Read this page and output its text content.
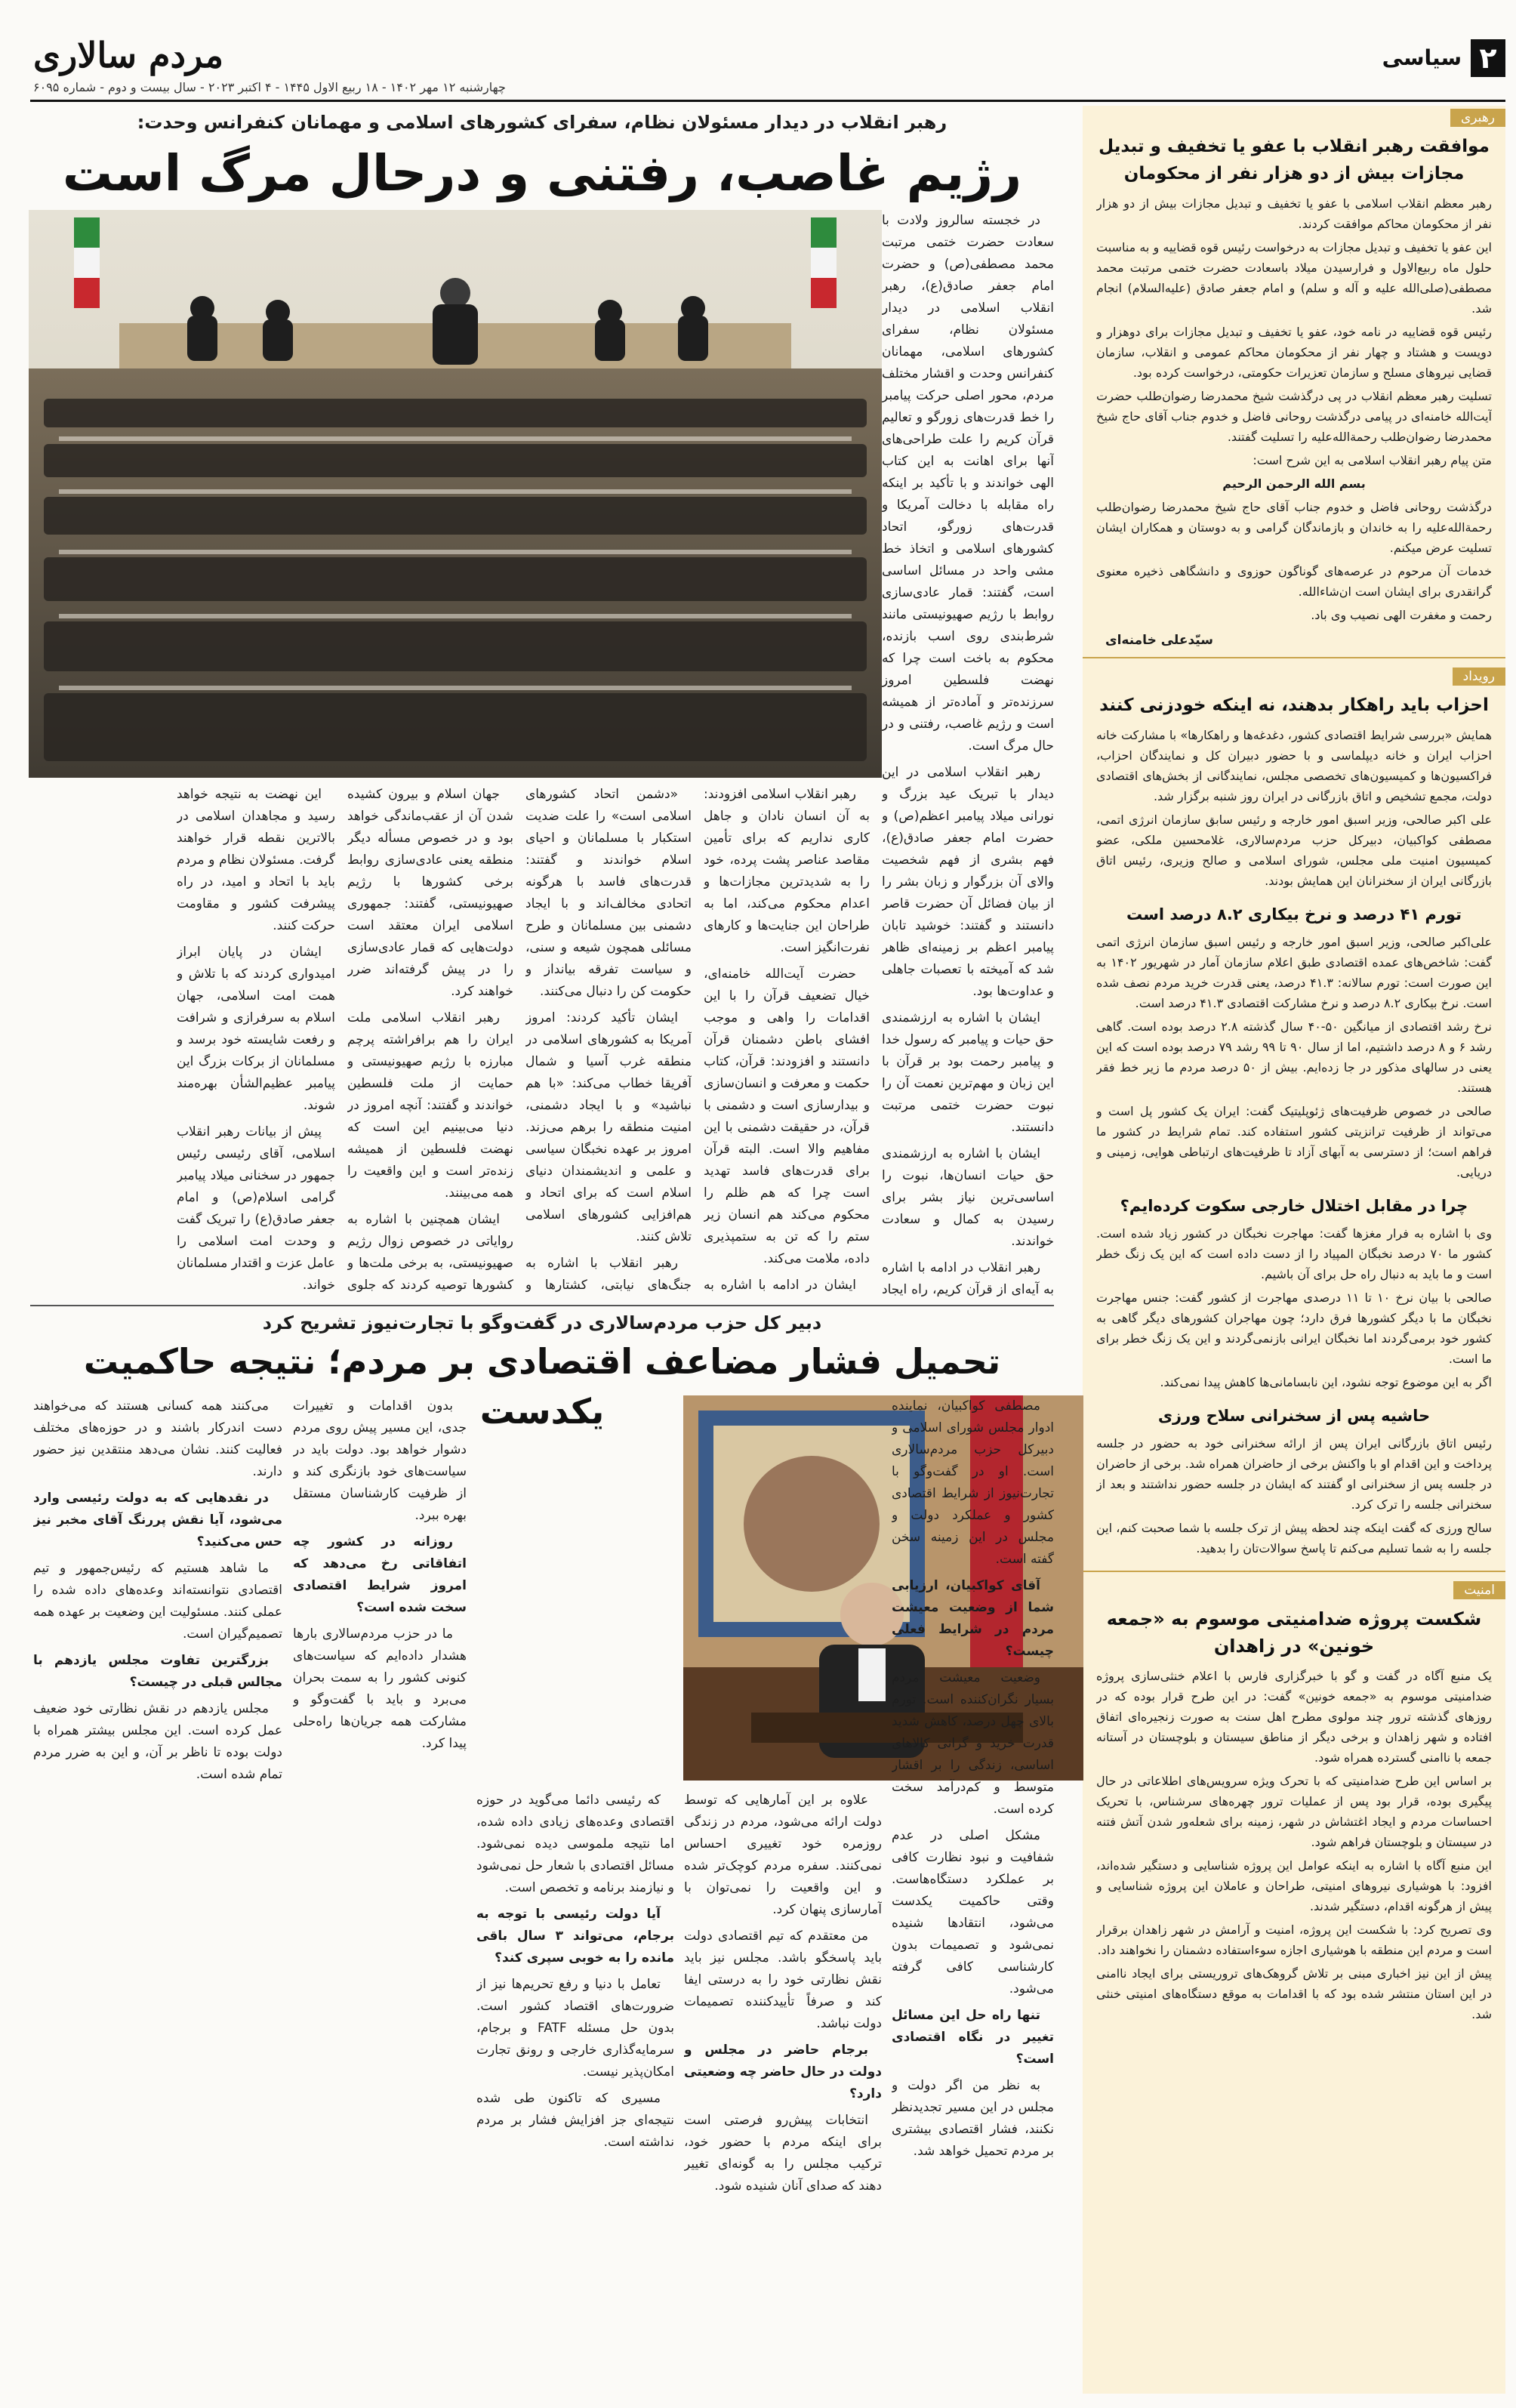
۲
سیاسی
مردم سالاری
چهارشنبه ۱۲ مهر ۱۴۰۲ - ۱۸ ربیع الاول ۱۴۴۵ - ۴ اکتبر ۲۰۲۳ - سال بیست و دوم - شماره ۶۰۹۵
رهبری
موافقت رهبر انقلاب با عفو یا تخفیف و تبدیل مجازات بیش از دو هزار نفر از محکومان

رهبر معظم انقلاب اسلامی با عفو یا تخفیف و تبدیل مجازات بیش از دو هزار نفر از محکومان محاکم موافقت کردند.

این عفو یا تخفیف و تبدیل مجازات به درخواست رئیس قوه قضاییه و به مناسبت حلول ماه ربیع‌الاول و فرارسیدن میلاد باسعادت حضرت ختمی مرتبت محمد مصطفی(صلی‌الله علیه و آله و سلم) و امام جعفر صادق (علیه‌السلام) انجام شد.

رئیس قوه قضاییه در نامه خود، عفو یا تخفیف و تبدیل مجازات برای دوهزار و دویست و هشتاد و چهار نفر از محکومان محاکم عمومی و انقلاب، سازمان قضایی نیروهای مسلح و سازمان تعزیرات حکومتی، درخواست کرده بود.

تسلیت رهبر معظم انقلاب در پی درگذشت شیخ محمدرضا رضوان‌طلب حضرت آیت‌الله خامنه‌ای در پیامی درگذشت روحانی فاضل و خدوم جناب آقای حاج شیخ محمدرضا رضوان‌طلب رحمة‌الله‌علیه را تسلیت گفتند.

متن پیام رهبر انقلاب اسلامی به این شرح است:

بسم الله الرحمن الرحیم

درگذشت روحانی فاضل و خدوم جناب آقای حاج شیخ محمدرضا رضوان‌طلب رحمة‌الله‌علیه را به خاندان و بازماندگان گرامی و به دوستان و همکاران ایشان تسلیت عرض میکنم.

خدمات آن مرحوم در عرصه‌های گوناگون حوزوی و دانشگاهی ذخیره معنوی گرانقدری برای ایشان است ان‌شاءالله.

رحمت و مغفرت الهی نصیب وی باد.

سیّدعلی خامنه‌ای
رویداد
احزاب باید راهکار بدهند، نه اینکه خودزنی کنند

همایش «بررسی شرایط اقتصادی کشور، دغدغه‌ها و راهکارها» با مشارکت خانه احزاب ایران و خانه دیپلماسی و با حضور دبیران کل و نمایندگان احزاب، فراکسیون‌ها و کمیسیون‌های تخصصی مجلس، نمایندگانی از بخش‌های اقتصادی دولت، مجمع تشخیص و اتاق بازرگانی در ایران روز شنبه برگزار شد.

علی اکبر صالحی، وزیر اسبق امور خارجه و رئیس سابق سازمان انرژی اتمی، مصطفی کواکبیان، دبیرکل حزب مردم‌سالاری، غلامحسین ملکی، عضو کمیسیون امنیت ملی مجلس، شورای اسلامی و صالح وزیری، رئیس اتاق بازرگانی ایران از سخنرانان این همایش بودند.

تورم ۴۱ درصد و نرخ بیکاری ۸.۲ درصد است

علی‌اکبر صالحی، وزیر اسبق امور خارجه و رئیس اسبق سازمان انرژی اتمی گفت: شاخص‌های عمده اقتصادی طبق اعلام سازمان آمار در شهریور ۱۴۰۲ به این صورت است: تورم سالانه: ۴۱.۳ درصد، یعنی قدرت خرید مردم نصف شده است. نرخ بیکاری ۸.۲ درصد و نرخ مشارکت اقتصادی ۴۱.۳ درصد است.

نرخ رشد اقتصادی از میانگین ۵۰-۴۰ سال گذشته ۲.۸ درصد بوده است. گاهی رشد ۶ و ۸ درصد داشتیم، اما از سال ۹۰ تا ۹۹ رشد ۷۹ درصد بوده است که این یعنی در سالهای مذکور در جا زده‌ایم. بیش از ۵۰ درصد مردم ما زیر خط فقر هستند.

صالحی در خصوص ظرفیت‌های ژئوپلیتیک گفت: ایران یک کشور پل است و می‌تواند از ظرفیت ترانزیتی کشور استفاده کند. تمام شرایط در کشور ما فراهم است؛ از دسترسی به آبهای آزاد تا ظرفیت‌های ارتباطی هوایی، زمینی و دریایی.

چرا در مقابل اختلال خارجی سکوت کرده‌ایم؟

وی با اشاره به فرار مغزها گفت: مهاجرت نخبگان در کشور زیاد شده است. کشور ما ۷۰ درصد نخبگان المپیاد را از دست داده است که این یک زنگ خطر است و ما باید به دنبال راه حل برای آن باشیم.

صالحی با بیان نرخ ۱۰ تا ۱۱ درصدی مهاجرت از کشور گفت: جنس مهاجرت نخبگان ما با دیگر کشورها فرق دارد؛ چون مهاجران کشورهای دیگر گاهی به کشور خود برمی‌گردند اما نخبگان ایرانی بازنمی‌گردند و این یک زنگ خطر برای ما است.

اگر به این موضوع توجه نشود، این نابسامانی‌ها کاهش پیدا نمی‌کند.

حاشیه پس از سخنرانی سلاح ورزی

رئیس اتاق بازرگانی ایران پس از ارائه سخنرانی خود به حضور در جلسه پرداخت و این اقدام او با واکنش برخی از حاضران همراه شد. برخی از حاضران در جلسه پس از سخنرانی او گفتند که ایشان در جلسه حضور نداشتند و بعد از سخنرانی جلسه را ترک کرد.

سالح ورزی که گفت اینکه چند لحظه پیش از ترک جلسه با شما صحبت کنم، این جلسه را به شما تسلیم می‌کنم تا پاسخ سوالات‌تان را بدهید.

امنیت
شکست پروژه ضدامنیتی موسوم به «جمعه خونین» در زاهدان

یک منبع آگاه در گفت و گو با خبرگزاری فارس با اعلام خنثی‌سازی پروژه ضدامنیتی موسوم به «جمعه خونین» گفت: در این طرح قرار بوده که در روزهای گذشته ترور چند مولوی مطرح اهل سنت به صورت زنجیره‌ای اتفاق افتاده و شهر زاهدان و برخی دیگر از مناطق سیستان و بلوچستان در آستانه جمعه با ناامنی گسترده همراه شود.

بر اساس این طرح ضدامنیتی که با تحرک ویژه سرویس‌های اطلاعاتی در حال پیگیری بوده، قرار بود پس از عملیات ترور چهره‌های سرشناس، با تحریک احساسات مردم و ایجاد اغتشاش در شهر، زمینه برای شعله‌ور شدن آتش فتنه در سیستان و بلوچستان فراهم شود.

این منبع آگاه با اشاره به اینکه عوامل این پروژه شناسایی و دستگیر شده‌اند، افزود: با هوشیاری نیروهای امنیتی، طراحان و عاملان این پروژه شناسایی و پیش از هرگونه اقدام، دستگیر شدند.

وی تصریح کرد: با شکست این پروژه، امنیت و آرامش در شهر زاهدان برقرار است و مردم این منطقه با هوشیاری اجازه سوءاستفاده دشمنان را نخواهند داد.

پیش از این نیز اخباری مبنی بر تلاش گروهک‌های تروریستی برای ایجاد ناامنی در این استان منتشر شده بود که با اقدامات به موقع دستگاه‌های امنیتی خنثی شد.

رهبر انقلاب در دیدار مسئولان نظام، سفرای کشورهای اسلامی و مهمانان کنفرانس وحدت:
رژیم غاصب، رفتنی و درحال مرگ است

در خجسته سالروز ولادت با سعادت حضرت ختمی مرتبت محمد مصطفی(ص) و حضرت امام جعفر صادق(ع)، رهبر انقلاب اسلامی در دیدار مسئولان نظام، سفرای کشورهای اسلامی، مهمانان کنفرانس وحدت و اقشار مختلف مردم، محور اصلی حرکت پیامبر را خط قدرت‌های زورگو و تعالیم قرآن کریم را علت طراحی‌های آنها برای اهانت به این کتاب الهی خواندند و با تأکید بر اینکه راه مقابله با دخالت آمریکا و قدرت‌های زورگو، اتحاد کشورهای اسلامی و اتخاذ خط مشی واحد در مسائل اساسی است، گفتند: قمار عادی‌سازی روابط با رژیم صهیونیستی مانند شرط‌بندی روی اسب بازنده، محکوم به باخت است چرا که نهضت فلسطین امروز سرزنده‌تر و آماده‌تر از همیشه است و رژیم غاصب، رفتنی و در حال مرگ است.

رهبر انقلاب اسلامی در این دیدار با تبریک عید بزرگ و نورانی میلاد پیامبر اعظم(ص) و حضرت امام جعفر صادق(ع)، فهم بشری از فهم شخصیت والای آن بزرگوار و زبان بشر را از بیان فضائل آن حضرت قاصر دانستند و گفتند: خوشید تابان پیامبر اعظم بر زمینه‌ای ظاهر شد که آمیخته با تعصبات جاهلی و عداوت‌ها بود.

ایشان با اشاره به ارزشمندی حق حیات و پیامبر که رسول خدا و پیامبر رحمت بود بر قرآن با این زبان و مهم‌ترین نعمت آن را نبوت حضرت ختمی مرتبت دانستند.

ایشان با اشاره به ارزشمندی حق حیات انسان‌ها، نبوت را اساسی‌ترین نیاز بشر برای رسیدن به کمال و سعادت خواندند.

رهبر انقلاب در ادامه با اشاره به آیه‌ای از قرآن کریم، راه ایجاد

رهبر انقلاب اسلامی افزودند: به آن انسان نادان و جاهل کاری نداریم که برای تأمین مقاصد عناصر پشت پرده، خود را به شدیدترین مجازات‌ها و اعدام محکوم می‌کند، اما به طراحان این جنایت‌ها و کارهای نفرت‌انگیز است.

حضرت آیت‌الله خامنه‌ای، خیال تضعیف قرآن را با این اقدامات را واهی و موجب افشای باطن دشمنان قرآن دانستند و افزودند: قرآن، کتاب حکمت و معرفت و انسان‌سازی و بیدارسازی است و دشمنی با قرآن، در حقیقت دشمنی با این مفاهیم والا است. البته قرآن برای قدرت‌های فاسد تهدید است چرا که هم ظلم را محکوم می‌کند هم انسان زیر ستم را که تن به ستمپذیری داده، ملامت می‌کند.

ایشان در ادامه با اشاره به

«دشمن اتحاد کشورهای اسلامی است» را علت ضدیت استکبار با مسلمانان و احیای اسلام خواندند و گفتند: قدرت‌های فاسد با هرگونه اتحادی مخالف‌اند و با ایجاد دشمنی بین مسلمانان و طرح مسائلی همچون شیعه و سنی، و سیاست تفرقه بیانداز و حکومت کن را دنبال می‌کنند.

ایشان تأکید کردند: امروز آمریکا به کشورهای اسلامی در منطقه غرب آسیا و شمال آفریقا خطاب می‌کند: «با هم نباشید» و با ایجاد دشمنی، امنیت منطقه را برهم می‌زند. امروز بر عهده نخبگان سیاسی و علمی و اندیشمندان دنیای اسلام است که برای اتحاد و هم‌افزایی کشورهای اسلامی تلاش کنند.

رهبر انقلاب با اشاره به جنگ‌های نیابتی، کشتارها و

جهان اسلام و بیرون کشیده شدن آن از عقب‌ماندگی خواهد بود و در خصوص مسأله دیگر منطقه یعنی عادی‌سازی روابط برخی کشورها با رژیم صهیونیستی، گفتند: جمهوری اسلامی ایران معتقد است دولت‌هایی که قمار عادی‌سازی را در پیش گرفته‌اند ضرر خواهند کرد.

رهبر انقلاب اسلامی ملت ایران را هم برافراشته پرچم مبارزه با رژیم صهیونیستی و حمایت از ملت فلسطین خواندند و گفتند: آنچه امروز در دنیا می‌بینیم این است که نهضت فلسطین از همیشه زنده‌تر است و این واقعیت را همه می‌بینند.

ایشان همچنین با اشاره به روایاتی در خصوص زوال رژیم صهیونیستی، به برخی ملت‌ها و کشورها توصیه کردند که جلوی

این نهضت به نتیجه خواهد رسید و مجاهدان اسلامی در بالاترین نقطه قرار خواهند گرفت. مسئولان نظام و مردم باید با اتحاد و امید، در راه پیشرفت کشور و مقاومت حرکت کنند.

ایشان در پایان ابراز امیدواری کردند که با تلاش و همت امت اسلامی، جهان اسلام به سرفرازی و شرافت و رفعت شایسته خود برسد و مسلمانان از برکات بزرگ این پیامبر عظیم‌الشأن بهره‌مند شوند.

پیش از بیانات رهبر انقلاب اسلامی، آقای رئیسی رئیس جمهور در سخنانی میلاد پیامبر گرامی اسلام(ص) و امام جعفر صادق(ع) را تبریک گفت و وحدت امت اسلامی را عامل عزت و اقتدار مسلمانان خواند.

دبیر کل حزب مردم‌سالاری در گفت‌وگو با تجارت‌نیوز تشریح کرد
تحمیل فشار مضاعف اقتصادی بر مردم؛ نتیجه حاکمیت یکدست	مصطفی کواکبیان، نماینده ادوار مجلس شورای اسلامی و دبیرکل حزب مردم‌سالاری است. او در گفت‌وگو با تجارت‌نیوز از شرایط اقتصادی کشور و عملکرد دولت و مجلس در این زمینه سخن گفته است.

آقای کواکبیان، ارزیابی شما از وضعیت معیشت مردم در شرایط فعلی چیست؟

وضعیت معیشت مردم بسیار نگران‌کننده است. تورم بالای چهل درصد، کاهش شدید قدرت خرید و گرانی کالاهای اساسی، زندگی را بر اقشار متوسط و کم‌درآمد سخت کرده است.

مشکل اصلی در عدم شفافیت و نبود نظارت کافی بر عملکرد دستگاه‌هاست. وقتی حاکمیت یکدست می‌شود، انتقادها شنیده نمی‌شود و تصمیمات بدون کارشناسی کافی گرفته می‌شود.

تنها راه حل این مسائل تغییر در نگاه اقتصادی است؟

به نظر من اگر دولت و مجلس در این مسیر تجدیدنظر نکنند، فشار اقتصادی بیشتری بر مردم تحمیل خواهد شد.

علاوه بر این آمارهایی که توسط دولت ارائه می‌شود، مردم در زندگی روزمره خود تغییری احساس نمی‌کنند. سفره مردم کوچک‌تر شده و این واقعیت را نمی‌توان با آمارسازی پنهان کرد.

من معتقدم که تیم اقتصادی دولت باید پاسخگو باشد. مجلس نیز باید نقش نظارتی خود را به درستی ایفا کند و صرفاً تأییدکننده تصمیمات دولت نباشد.

برجام حاضر در مجلس و دولت در حال حاضر چه وضعیتی دارد؟

انتخابات پیش‌رو فرصتی است برای اینکه مردم با حضور خود، ترکیب مجلس را به گونه‌ای تغییر دهند که صدای آنان شنیده شود.

که رئیسی دائما می‌گوید در حوزه اقتصادی وعده‌های زیادی داده شده، اما نتیجه ملموسی دیده نمی‌شود. مسائل اقتصادی با شعار حل نمی‌شود و نیازمند برنامه و تخصص است.

آیا دولت رئیسی با توجه به برجام، می‌تواند ۳ سال باقی مانده را به خوبی سپری کند؟

تعامل با دنیا و رفع تحریم‌ها نیز از ضرورت‌های اقتصاد کشور است. بدون حل مسئله FATF و برجام، سرمایه‌گذاری خارجی و رونق تجارت امکان‌پذیر نیست.

مسیری که تاکنون طی شده نتیجه‌ای جز افزایش فشار بر مردم نداشته است.

بدون اقدامات و تغییرات جدی، این مسیر پیش روی مردم دشوار خواهد بود. دولت باید در سیاست‌های خود بازنگری کند و از ظرفیت کارشناسان مستقل بهره ببرد.

روزانه در کشور چه اتفاقاتی رخ می‌دهد که امروز شرایط اقتصادی سخت شده است؟

ما در حزب مردم‌سالاری بارها هشدار داده‌ایم که سیاست‌های کنونی کشور را به سمت بحران می‌برد و باید با گفت‌وگو و مشارکت همه جریان‌ها راه‌حلی پیدا کرد.

می‌کنند همه کسانی هستند که می‌خواهند دست اندرکار باشند و در حوزه‌های مختلف فعالیت کنند. نشان می‌دهد منتقدین نیز حضور دارند.

در نقدهایی که به دولت رئیسی وارد می‌شود، آیا نقش پررنگ آقای مخبر نیز حس می‌کنید؟

ما شاهد هستیم که رئیس‌جمهور و تیم اقتصادی نتوانسته‌اند وعده‌های داده شده را عملی کنند. مسئولیت این وضعیت بر عهده همه تصمیم‌گیران است.

بزرگترین تفاوت مجلس یازدهم با مجالس قبلی در چیست؟

مجلس یازدهم در نقش نظارتی خود ضعیف عمل کرده است. این مجلس بیشتر همراه با دولت بوده تا ناظر بر آن، و این به ضرر مردم تمام شده است.
